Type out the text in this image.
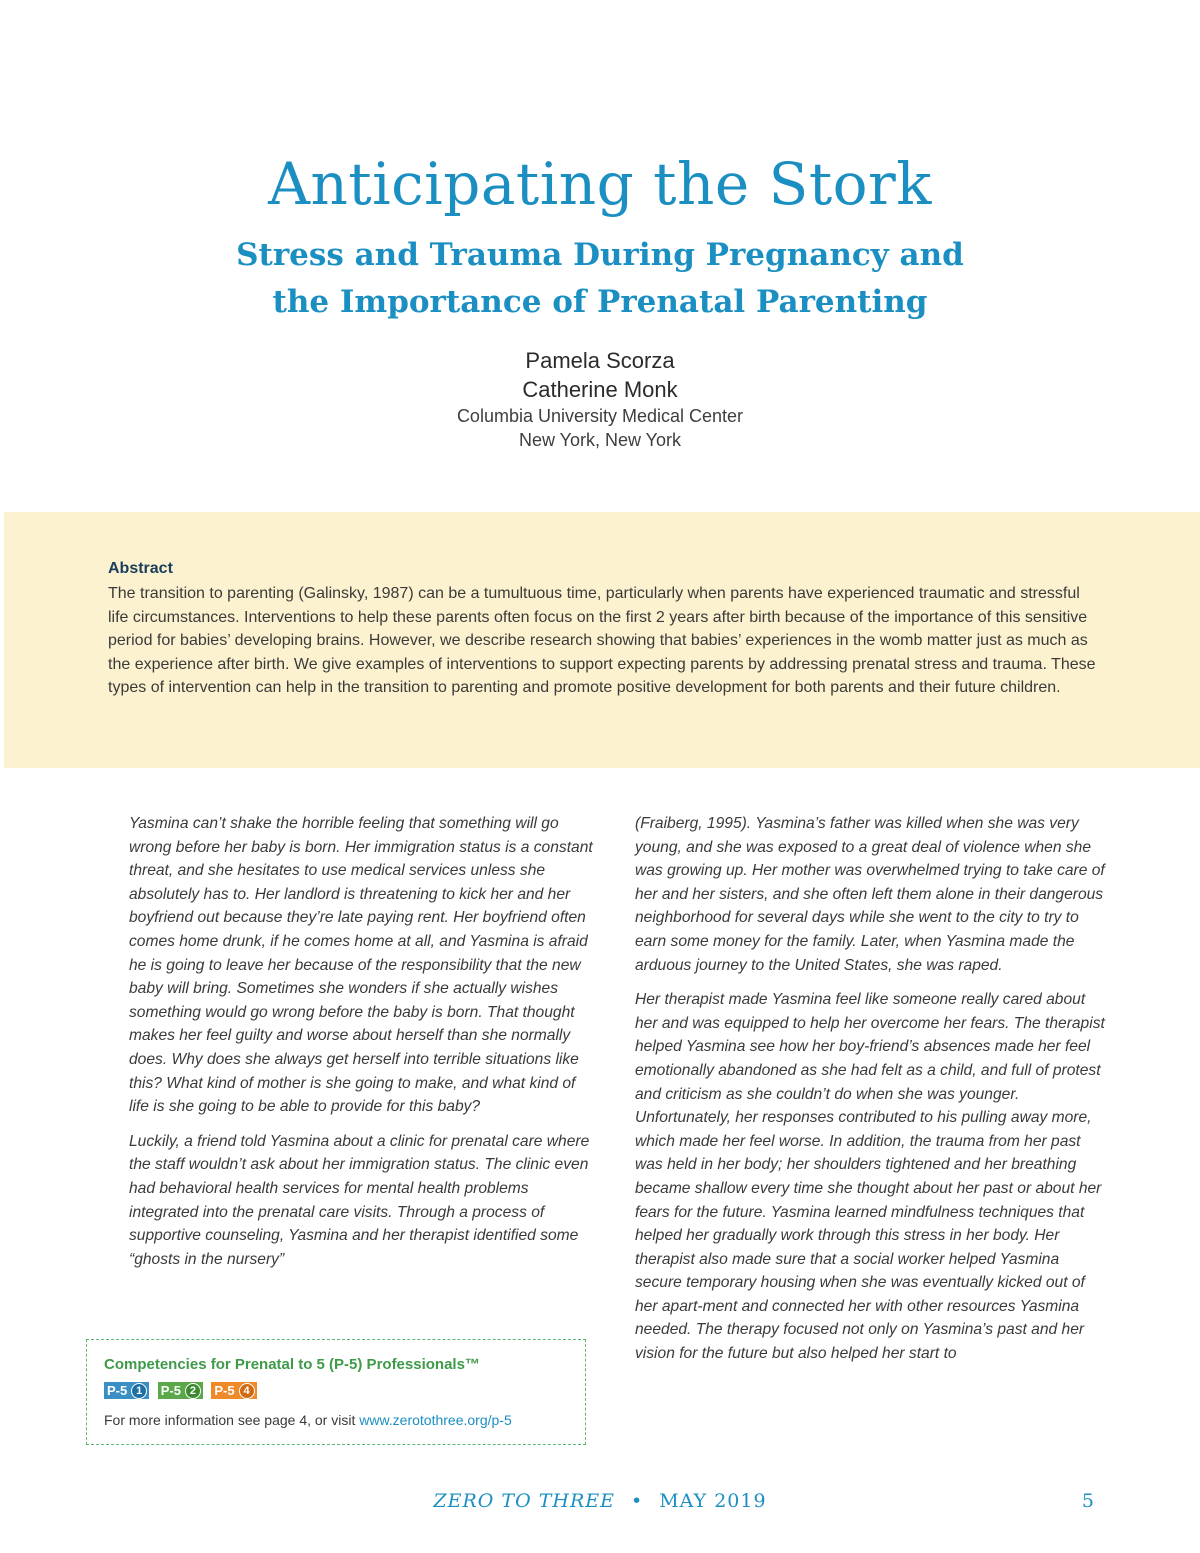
Anticipating the Stork
Stress and Trauma During Pregnancy and
the Importance of Prenatal Parenting
Pamela Scorza
Catherine Monk
Columbia University Medical Center
New York, New York
Abstract
The transition to parenting (Galinsky, 1987) can be a tumultuous time, particularly when parents have experienced traumatic and stressful life circumstances. Interventions to help these parents often focus on the first 2 years after birth because of the importance of this sensitive period for babies’ developing brains. However, we describe research showing that babies’ experiences in the womb matter just as much as the experience after birth. We give examples of interventions to support expecting parents by addressing prenatal stress and trauma. These types of intervention can help in the transition to parenting and promote positive development for both parents and their future children.

Yasmina can’t shake the horrible feeling that something will go wrong before her baby is born. Her immigration status is a constant threat, and she hesitates to use medical services unless she absolutely has to. Her landlord is threatening to kick her and her boyfriend out because they’re late paying rent. Her boyfriend often comes home drunk, if he comes home at all, and Yasmina is afraid he is going to leave her because of the responsibility that the new baby will bring. Sometimes she wonders if she actually wishes something would go wrong before the baby is born. That thought makes her feel guilty and worse about herself than she normally does. Why does she always get herself into terrible situations like this? What kind of mother is she going to make, and what kind of life is she going to be able to provide for this baby?

Luckily, a friend told Yasmina about a clinic for prenatal care where the staff wouldn’t ask about her immigration status. The clinic even had behavioral health services for mental health problems integrated into the prenatal care visits. Through a process of supportive counseling, Yasmina and her therapist identified some “ghosts in the nursery”

(Fraiberg, 1995). Yasmina’s father was killed when she was very young, and she was exposed to a great deal of violence when she was growing up. Her mother was overwhelmed trying to take care of her and her sisters, and she often left them alone in their dangerous neighborhood for several days while she went to the city to try to earn some money for the family. Later, when Yasmina made the arduous journey to the United States, she was raped.

Her therapist made Yasmina feel like someone really cared about her and was equipped to help her overcome her fears. The therapist helped Yasmina see how her boy-friend’s absences made her feel emotionally abandoned as she had felt as a child, and full of protest and criticism as she couldn’t do when she was younger. Unfortunately, her responses contributed to his pulling away more, which made her feel worse. In addition, the trauma from her past was held in her body; her shoulders tightened and her breathing became shallow every time she thought about her past or about her fears for the future. Yasmina learned mindfulness techniques that helped her gradually work through this stress in her body. Her therapist also made sure that a social worker helped Yasmina secure temporary housing when she was eventually kicked out of her apart-ment and connected her with other resources Yasmina needed. The therapy focused not only on Yasmina’s past and her vision for the future but also helped her start to

Competencies for Prenatal to 5 (P-5) Professionals™
P-5 1 P-5 2 P-5 4
For more information see page 4, or visit www.zerotothree.org/p-5
ZERO TO THREE • MAY 2019	5
